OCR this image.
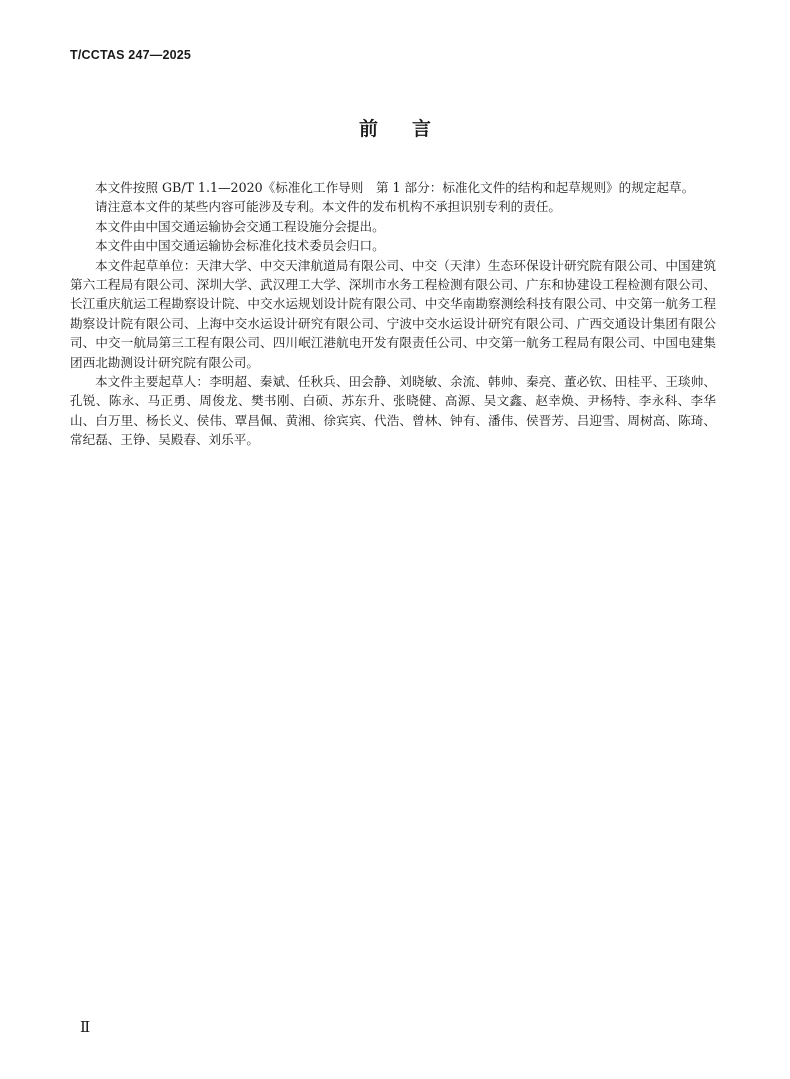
T/CCTAS 247—2025
前言

本文件按照 GB/T 1.1—2020《标准化工作导则　第 1 部分：标准化文件的结构和起草规则》的规定起草。

请注意本文件的某些内容可能涉及专利。本文件的发布机构不承担识别专利的责任。

本文件由中国交通运输协会交通工程设施分会提出。

本文件由中国交通运输协会标准化技术委员会归口。

本文件起草单位：天津大学、中交天津航道局有限公司、中交（天津）生态环保设计研究院有限公司、中国建筑第六工程局有限公司、深圳大学、武汉理工大学、深圳市水务工程检测有限公司、广东和协建设工程检测有限公司、长江重庆航运工程勘察设计院、中交水运规划设计院有限公司、中交华南勘察测绘科技有限公司、中交第一航务工程勘察设计院有限公司、上海中交水运设计研究有限公司、宁波中交水运设计研究有限公司、广西交通设计集团有限公司、中交一航局第三工程有限公司、四川岷江港航电开发有限责任公司、中交第一航务工程局有限公司、中国电建集团西北勘测设计研究院有限公司。

本文件主要起草人：李明超、秦斌、任秋兵、田会静、刘晓敏、余流、韩帅、秦亮、董必钦、田桂平、王琰帅、孔锐、陈永、马正勇、周俊龙、樊书刚、白硕、苏东升、张晓健、高源、吴文鑫、赵幸焕、尹杨特、李永科、李华山、白万里、杨长义、侯伟、覃昌佩、黄湘、徐宾宾、代浩、曾林、钟有、潘伟、侯晋芳、吕迎雪、周树高、陈琦、常纪磊、王铮、吴殿春、刘乐平。

Ⅱ
